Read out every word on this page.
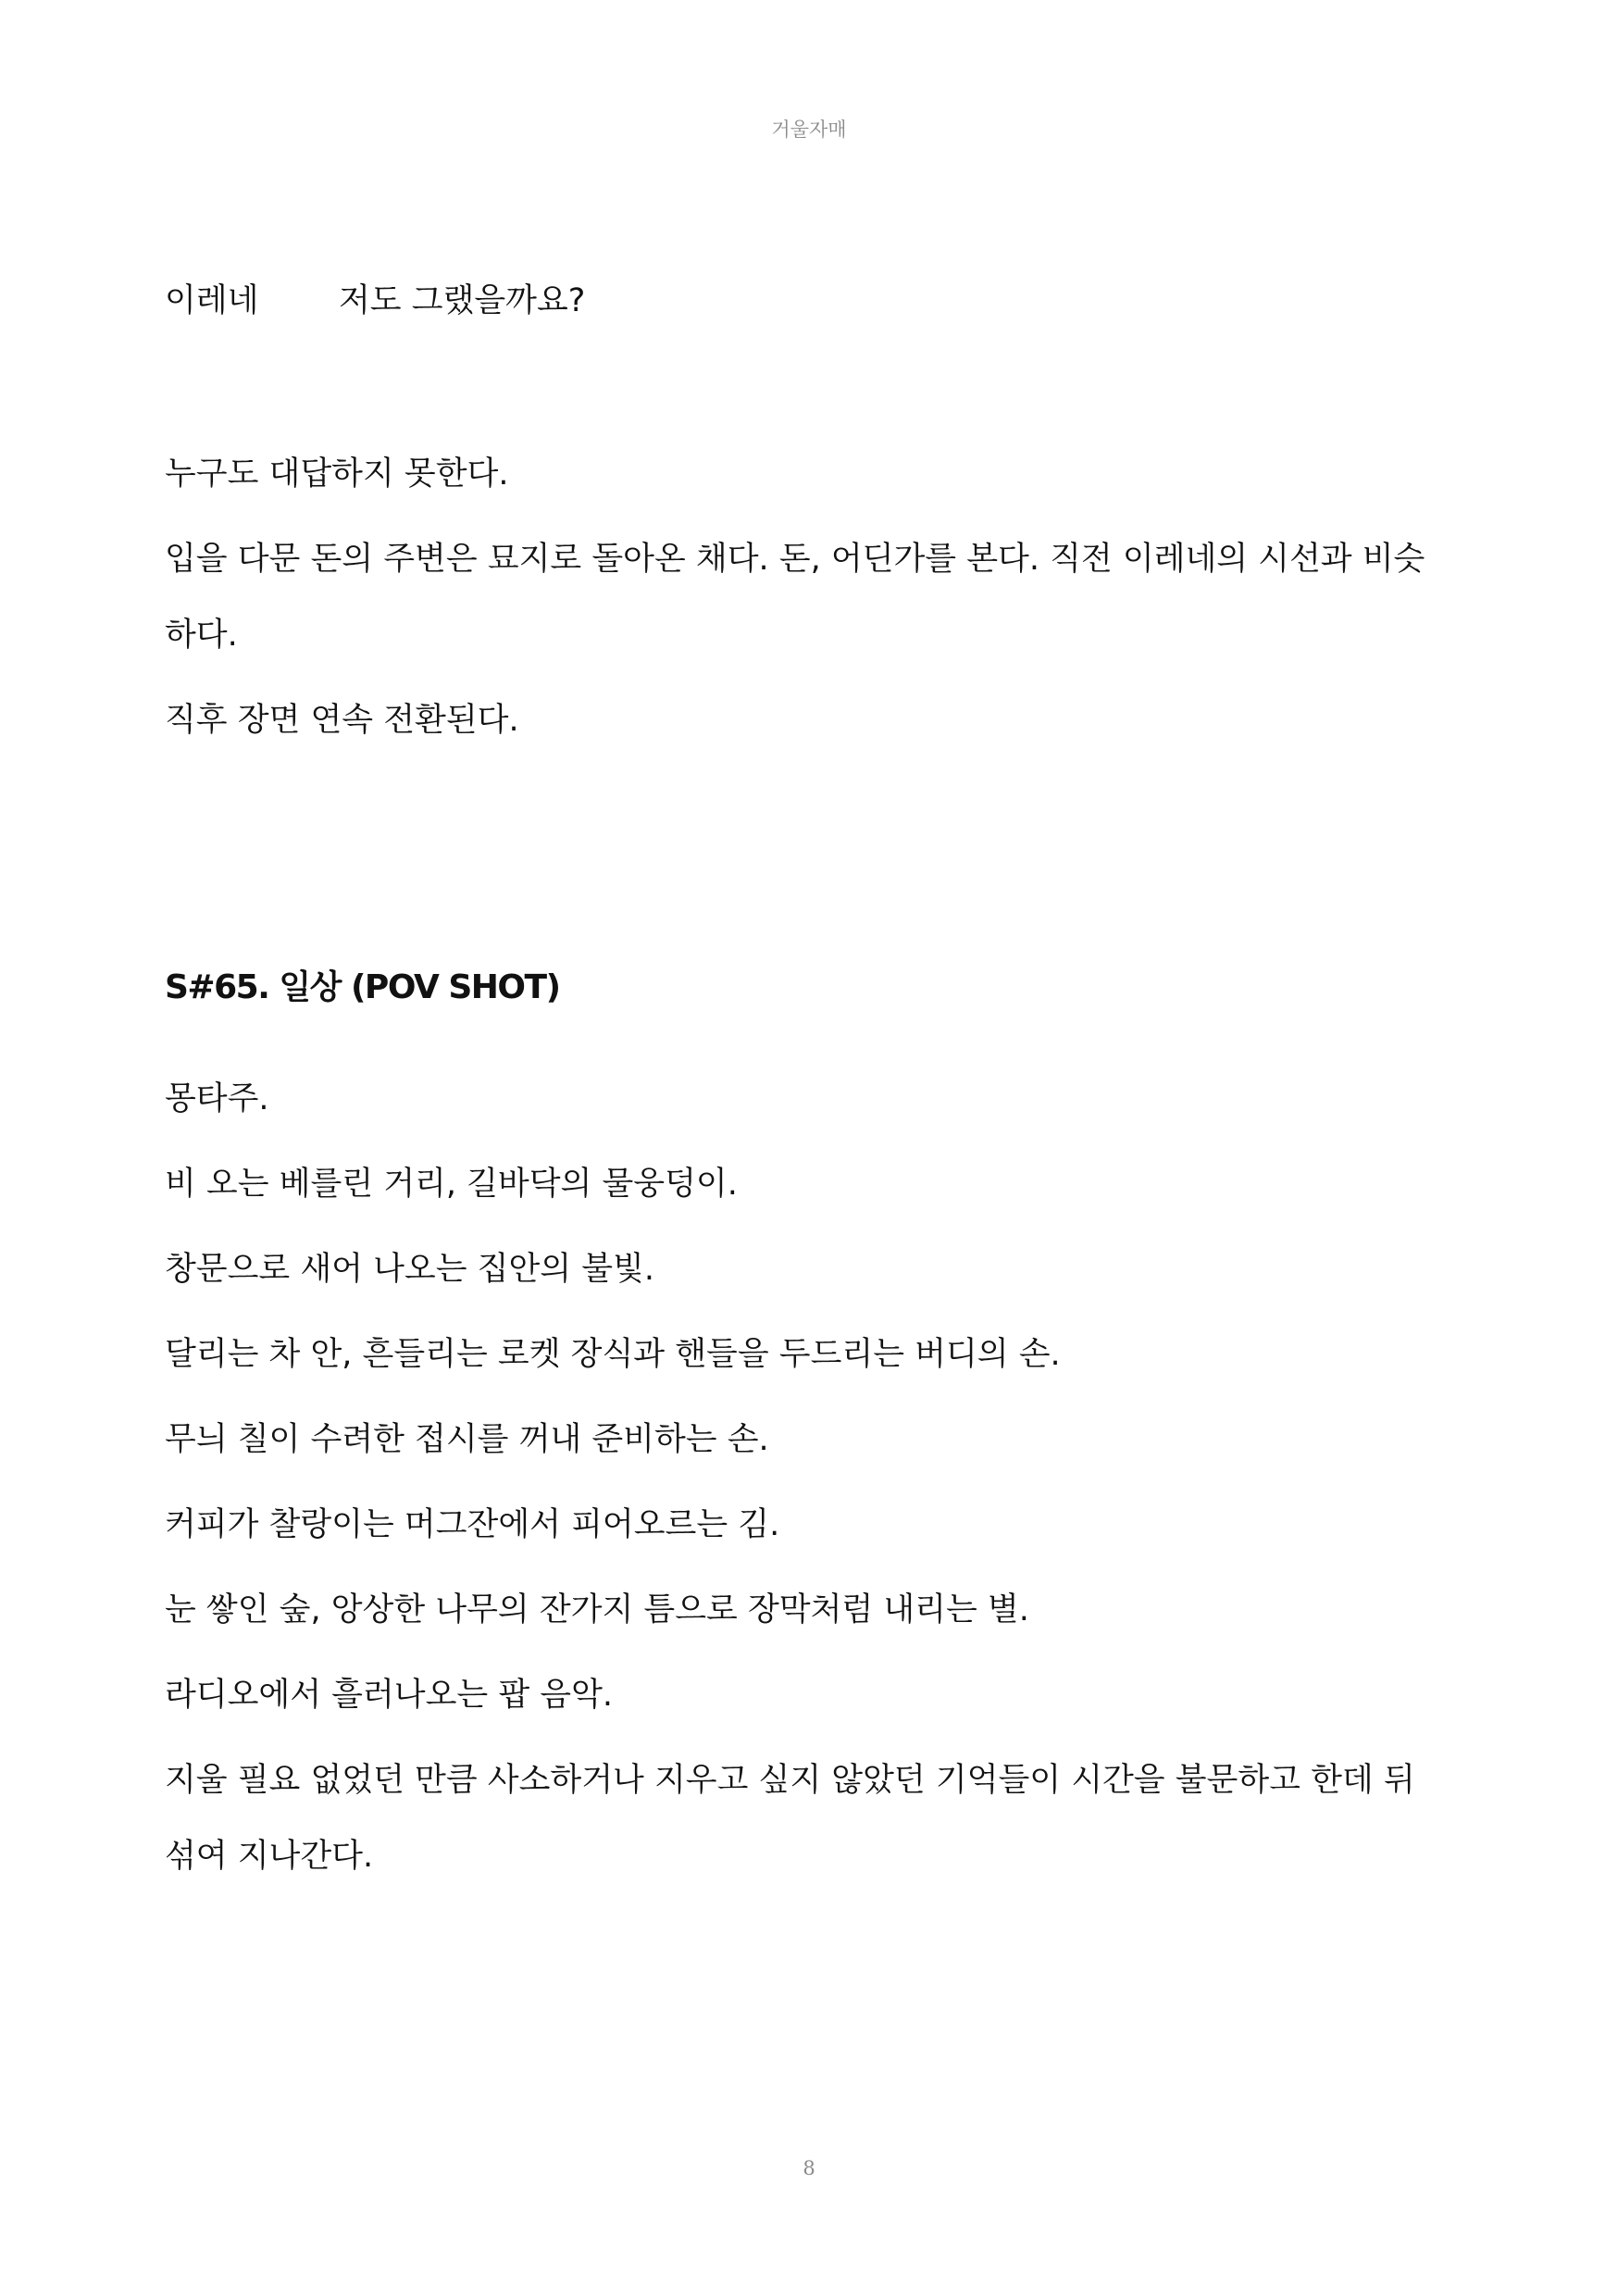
거울자매
이레네 저도 그랬을까요?
누구도 대답하지 못한다.
입을 다문 돈의 주변은 묘지로 돌아온 채다. 돈, 어딘가를 본다. 직전 이레네의 시선과 비슷
하다.
직후 장면 연속 전환된다.
S#65. 일상 (POV SHOT)
몽타주.
비 오는 베를린 거리, 길바닥의 물웅덩이.
창문으로 새어 나오는 집안의 불빛.
달리는 차 안, 흔들리는 로켓 장식과 핸들을 두드리는 버디의 손.
무늬 칠이 수려한 접시를 꺼내 준비하는 손.
커피가 찰랑이는 머그잔에서 피어오르는 김.
눈 쌓인 숲, 앙상한 나무의 잔가지 틈으로 장막처럼 내리는 별.
라디오에서 흘러나오는 팝 음악.
지울 필요 없었던 만큼 사소하거나 지우고 싶지 않았던 기억들이 시간을 불문하고 한데 뒤
섞여 지나간다.
8
